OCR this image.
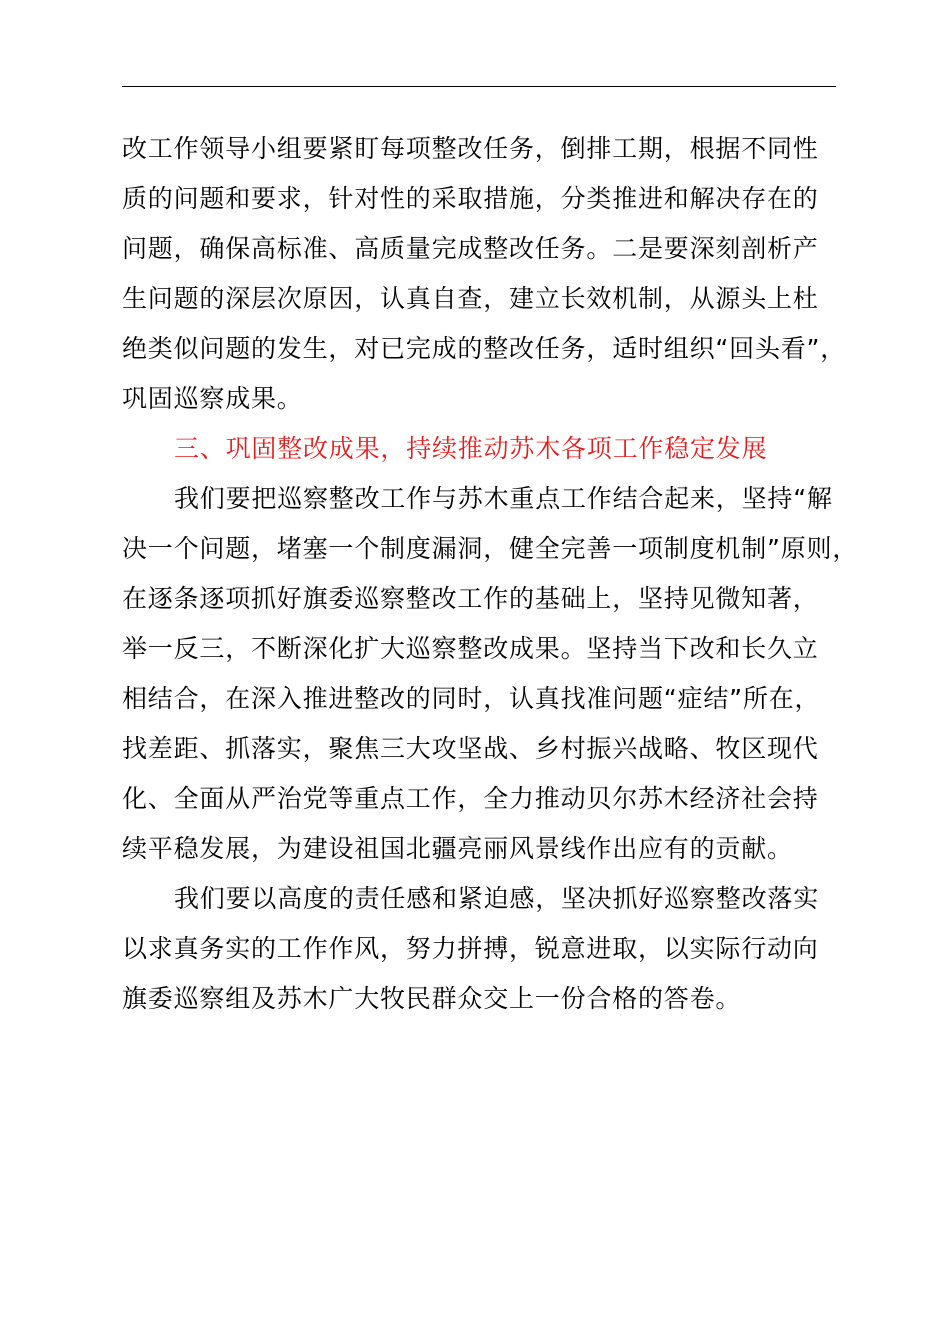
改工作领导小组要紧盯每项整改任务，倒排工期，根据不同性
质的问题和要求，针对性的采取措施，分类推进和解决存在的
问题，确保高标准、高质量完成整改任务。二是要深刻剖析产
生问题的深层次原因，认真自查，建立长效机制，从源头上杜
绝类似问题的发生，对已完成的整改任务，适时组织“回头看”，
巩固巡察成果。
三、巩固整改成果，持续推动苏木各项工作稳定发展
我们要把巡察整改工作与苏木重点工作结合起来，坚持“解
决一个问题，堵塞一个制度漏洞，健全完善一项制度机制”原则，
在逐条逐项抓好旗委巡察整改工作的基础上，坚持见微知著，
举一反三，不断深化扩大巡察整改成果。坚持当下改和长久立
相结合，在深入推进整改的同时，认真找准问题“症结”所在，
找差距、抓落实，聚焦三大攻坚战、乡村振兴战略、牧区现代
化、全面从严治党等重点工作，全力推动贝尔苏木经济社会持
续平稳发展，为建设祖国北疆亮丽风景线作出应有的贡献。
我们要以高度的责任感和紧迫感，坚决抓好巡察整改落实
以求真务实的工作作风，努力拼搏，锐意进取，以实际行动向
旗委巡察组及苏木广大牧民群众交上一份合格的答卷。
